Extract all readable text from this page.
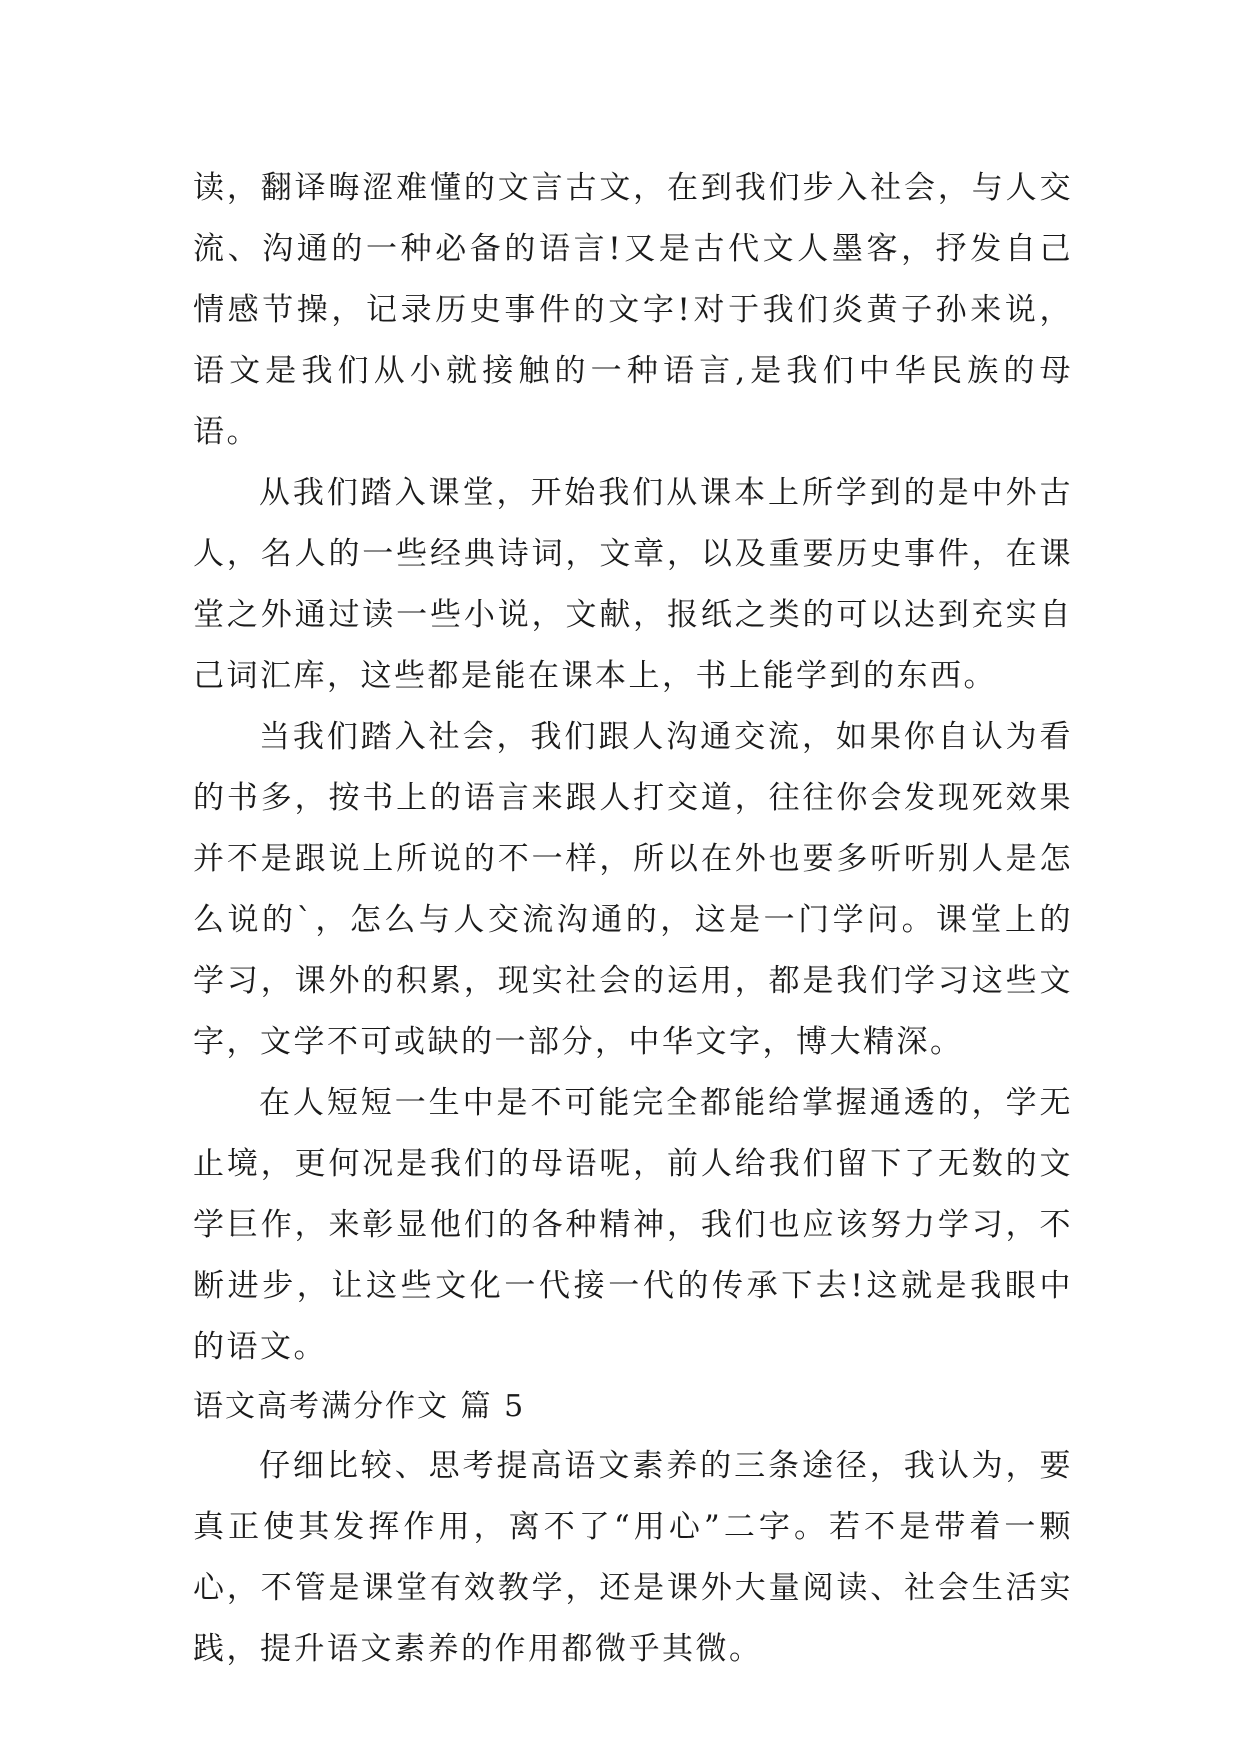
读，翻译晦涩难懂的文言古文，在到我们步入社会，与人交流、沟通的一种必备的语言!又是古代文人墨客，抒发自己情感节操，记录历史事件的文字!对于我们炎黄子孙来说，语文是我们从小就接触的一种语言,是我们中华民族的母语。

从我们踏入课堂，开始我们从课本上所学到的是中外古人，名人的一些经典诗词，文章，以及重要历史事件，在课堂之外通过读一些小说，文献，报纸之类的可以达到充实自己词汇库，这些都是能在课本上，书上能学到的东西。

当我们踏入社会，我们跟人沟通交流，如果你自认为看的书多，按书上的语言来跟人打交道，往往你会发现死效果并不是跟说上所说的不一样，所以在外也要多听听别人是怎么说的`，怎么与人交流沟通的，这是一门学问。课堂上的学习，课外的积累，现实社会的运用，都是我们学习这些文字，文学不可或缺的一部分，中华文字，博大精深。

在人短短一生中是不可能完全都能给掌握通透的，学无止境，更何况是我们的母语呢，前人给我们留下了无数的文学巨作，来彰显他们的各种精神，我们也应该努力学习，不断进步，让这些文化一代接一代的传承下去!这就是我眼中的语文。

语文高考满分作文 篇 5

仔细比较、思考提高语文素养的三条途径，我认为，要真正使其发挥作用，离不了“用心”二字。若不是带着一颗心，不管是课堂有效教学，还是课外大量阅读、社会生活实践，提升语文素养的作用都微乎其微。
